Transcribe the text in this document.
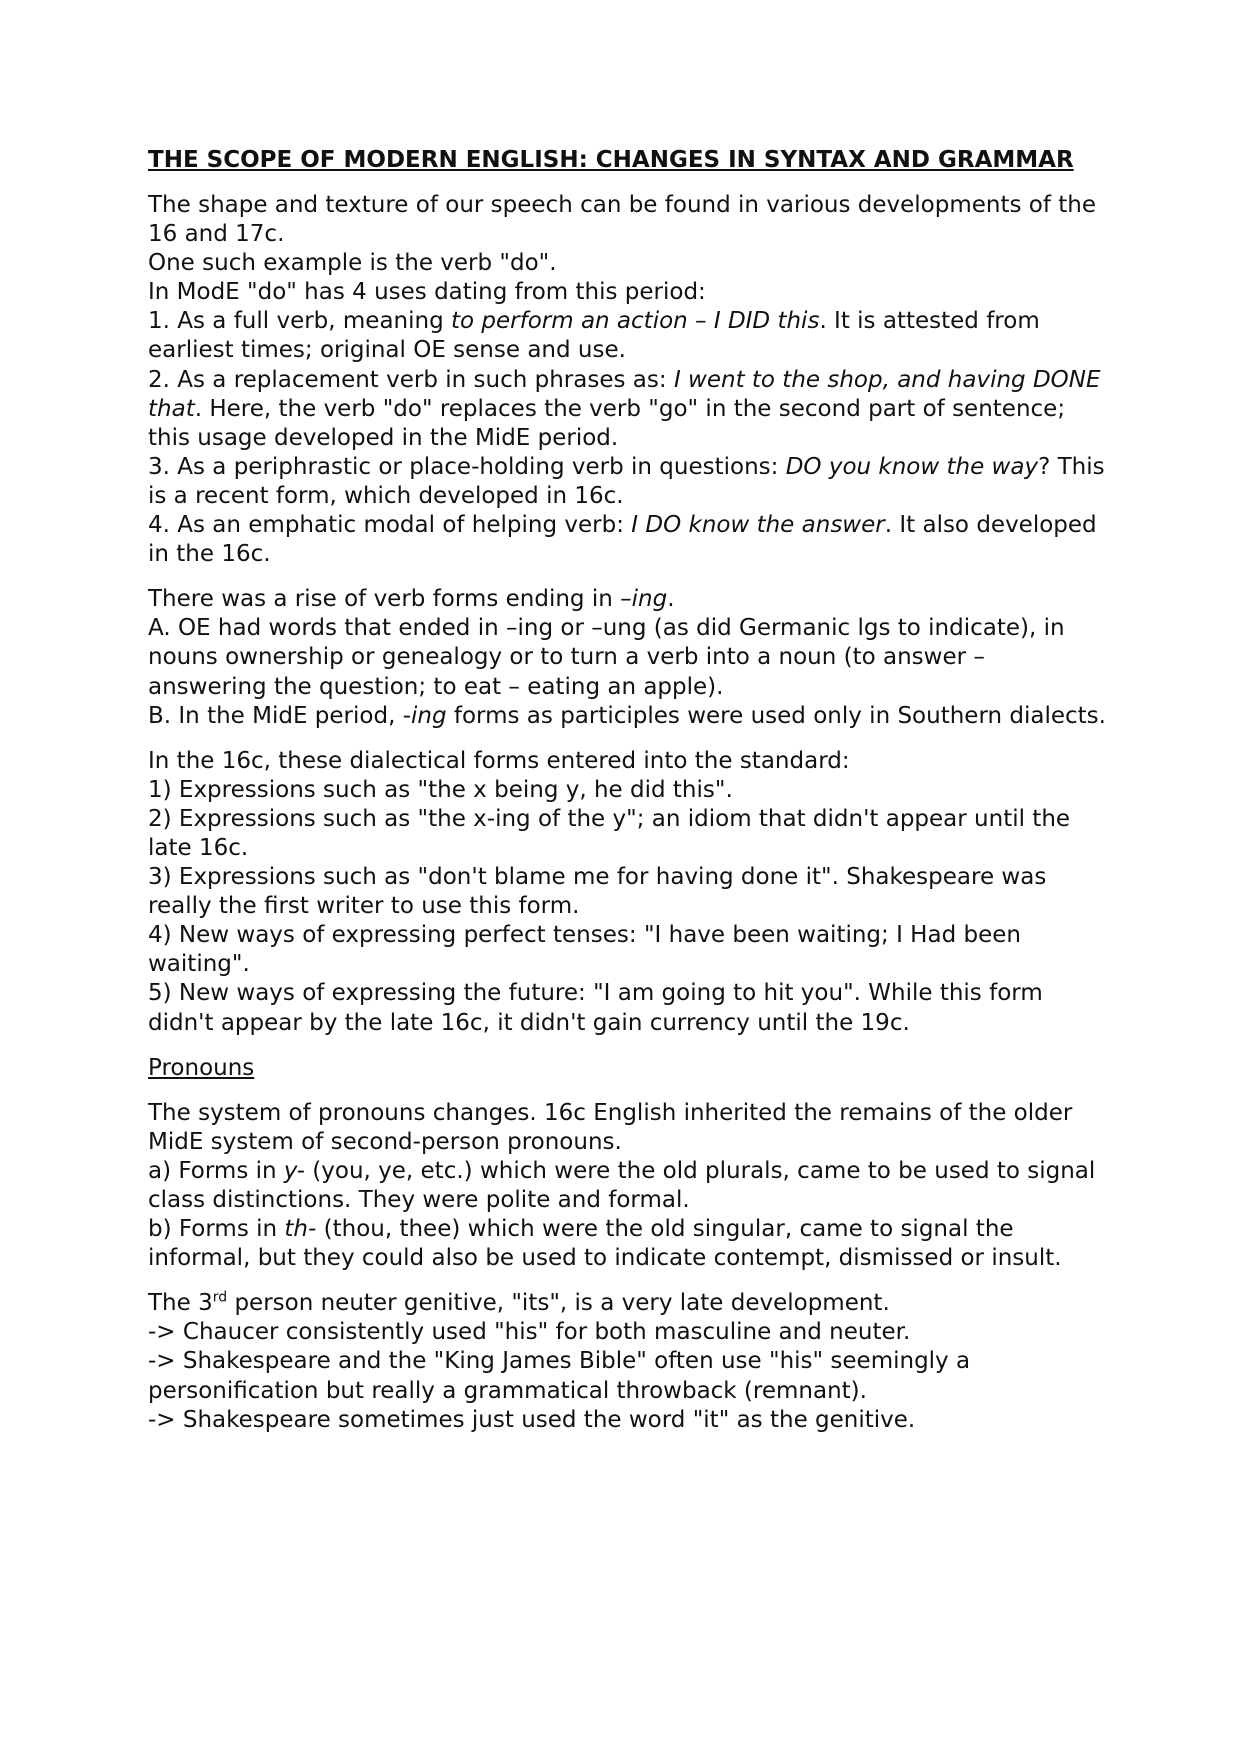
THE SCOPE OF MODERN ENGLISH: CHANGES IN SYNTAX AND GRAMMAR
The shape and texture of our speech can be found in various developments of the 16 and 17c.
One such example is the verb "do".
In ModE "do" has 4 uses dating from this period:
1. As a full verb, meaning to perform an action – I DID this. It is attested from earliest times; original OE sense and use.
2. As a replacement verb in such phrases as: I went to the shop, and having DONE that. Here, the verb "do" replaces the verb "go" in the second part of sentence; this usage developed in the MidE period.
3. As a periphrastic or place-holding verb in questions: DO you know the way? This is a recent form, which developed in 16c.
4. As an emphatic modal of helping verb: I DO know the answer. It also developed in the 16c.
There was a rise of verb forms ending in –ing.
A. OE had words that ended in –ing or –ung (as did Germanic lgs to indicate), in nouns ownership or genealogy or to turn a verb into a noun (to answer – answering the question; to eat – eating an apple).
B. In the MidE period, -ing forms as participles were used only in Southern dialects.
In the 16c, these dialectical forms entered into the standard:
1) Expressions such as "the x being y, he did this".
2) Expressions such as "the x-ing of the y"; an idiom that didn't appear until the late 16c.
3) Expressions such as "don't blame me for having done it". Shakespeare was really the first writer to use this form.
4) New ways of expressing perfect tenses: "I have been waiting; I Had been waiting".
5) New ways of expressing the future: "I am going to hit you". While this form didn't appear by the late 16c, it didn't gain currency until the 19c.
Pronouns
The system of pronouns changes. 16c English inherited the remains of the older MidE system of second-person pronouns.
a) Forms in y- (you, ye, etc.) which were the old plurals, came to be used to signal class distinctions. They were polite and formal.
b) Forms in th- (thou, thee) which were the old singular, came to signal the informal, but they could also be used to indicate contempt, dismissed or insult.
The 3rd person neuter genitive, "its", is a very late development.
-> Chaucer consistently used "his" for both masculine and neuter.
-> Shakespeare and the "King James Bible" often use "his" seemingly a personification but really a grammatical throwback (remnant).
-> Shakespeare sometimes just used the word "it" as the genitive.
